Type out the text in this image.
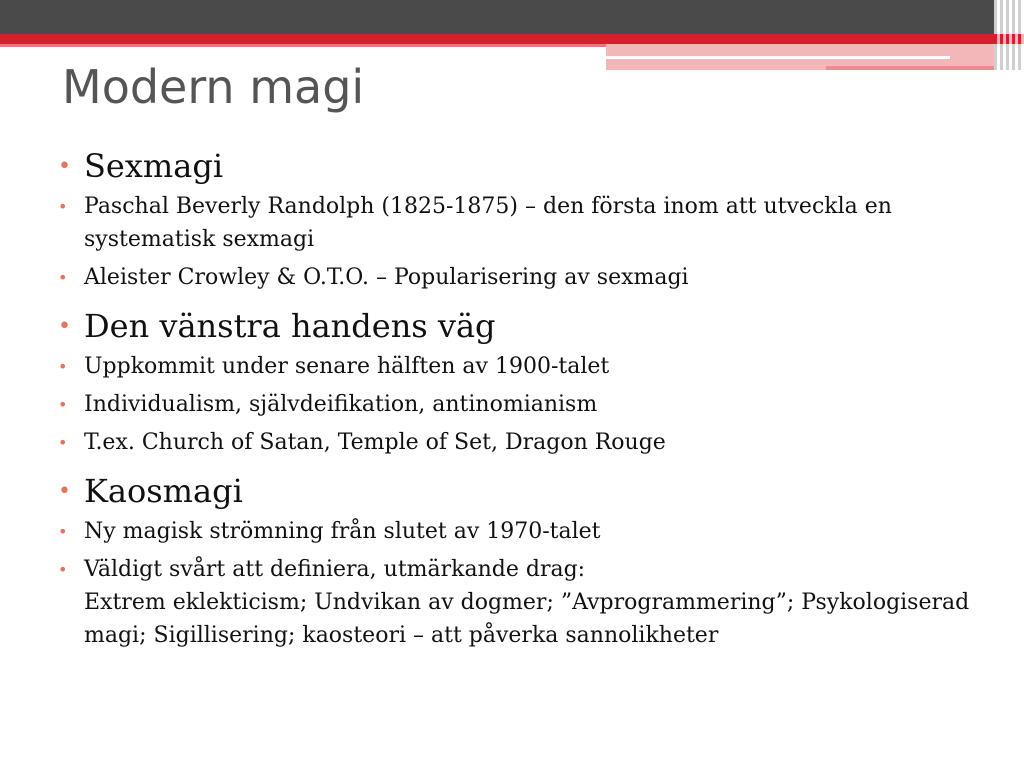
Modern magi
• Sexmagi
• Paschal Beverly Randolph (1825-1875) – den första inom att utveckla en systematisk sexmagi
• Aleister Crowley & O.T.O. – Popularisering av sexmagi
• Den vänstra handens väg
• Uppkommit under senare hälften av 1900-talet
• Individualism, självdeifikation, antinomianism
• T.ex. Church of Satan, Temple of Set, Dragon Rouge
• Kaosmagi
• Ny magisk strömning från slutet av 1970-talet
• Väldigt svårt att definiera, utmärkande drag:
Extrem eklekticism; Undvikan av dogmer; ”Avprogrammering”; Psykologiserad magi; Sigillisering; kaosteori – att påverka sannolikheter
